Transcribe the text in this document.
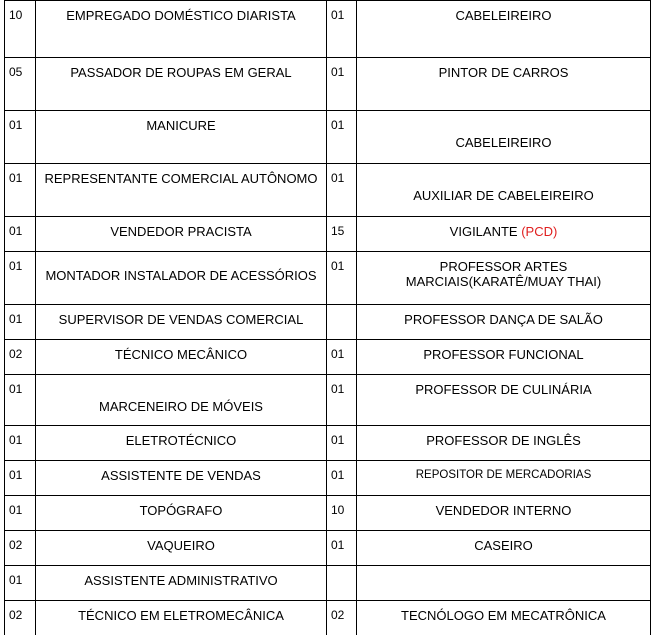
10	EMPREGADO DOMÉSTICO DIARISTA	01	CABELEIREIRO

05	PASSADOR DE ROUPAS EM GERAL	01	PINTOR DE CARROS

01	MANICURE	01	CABELEIREIRO

01	REPRESENTANTE COMERCIAL AUTÔNOMO	01	AUXILIAR DE CABELEIREIRO

01	VENDEDOR PRACISTA	15	VIGILANTE (PCD)

01	MONTADOR INSTALADOR DE ACESSÓRIOS	01	PROFESSOR ARTES MARCIAIS(KARATÊ/MUAY THAI)

01	SUPERVISOR DE VENDAS COMERCIAL		PROFESSOR DANÇA DE SALÃO

02	TÉCNICO MECÂNICO	01	PROFESSOR FUNCIONAL

01	MARCENEIRO DE MÓVEIS	01	PROFESSOR DE CULINÁRIA

01	ELETROTÉCNICO	01	PROFESSOR DE INGLÊS

01	ASSISTENTE DE VENDAS	01	REPOSITOR DE MERCADORIAS

01	TOPÓGRAFO	10	VENDEDOR INTERNO

02	VAQUEIRO	01	CASEIRO

01	ASSISTENTE ADMINISTRATIVO		

02	TÉCNICO EM ELETROMECÂNICA	02	TECNÓLOGO EM MECATRÔNICA
